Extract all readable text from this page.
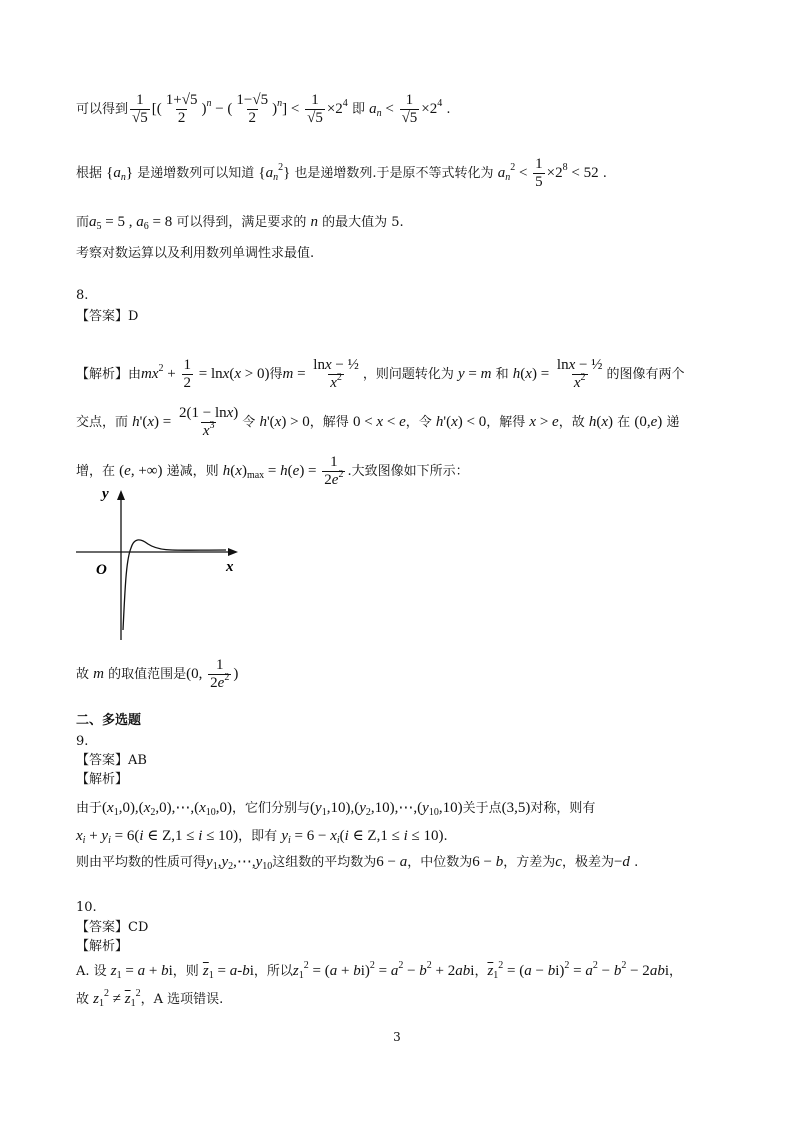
可以得到 $\frac{1}{√5}$ [( $\frac{1+√5}{2} )^n$ − ( $\frac{1-√5}{2} )^n] < \frac{1}{√5} \times 2^4$ 即 $a_n < \frac{1}{√5} \times 2^4$ .
根据 $\{a_n\}$ 是递增数列可以知道 $\{a_n^2\}$ 也是递增数列.于是原不等式转化为 $a_n^2 < \frac{1}{5} \times 2^8 < 52$ .
而$a_5 = 5$ , $a_6 = 8$ 可以得到，满足要求的 n 的最大值为 5.
考察对数运算以及利用数列单调性求最值.
8.
【答案】D
【解析】由$mx^2 + \frac{1}{2} = \ln x(x > 0)$得$m = \frac{\text{lnx − ½}}{x^2}$ ，则问题转化为 y = m 和 $h(x) = \frac{\text{lnx − ½}}{x^2}$ 的图像有两个
交点，而 $h'(x) = \frac{2(1 - \ln x)}{x^3}$ 令 h'(x) > 0，解得 0 < x < e，令 h'(x) < 0，解得 x > e，故 h(x) 在 (0,e) 递
增，在 (e, +∞) 递减，则 $h(x)_{max} = h(e) = \frac{1}{2e^2}$ .大致图像如下所示：
y
x
O
故 m 的取值范围是(0, $\frac{1}{2e^2}$ )
二、多选题
9.
【答案】AB
【解析】
由于$(x_1,0),(x_2,0),\cdots,(x_{10},0)$，它们分别与$(y_1,10),(y_2,10),\cdots,(y_{10},10)$关于点(3,5)对称，则有
$x_i + y_i = 6(i$ ∈ Z,1 ≤ i ≤ 10)，即有 $y_i = 6 - x_i(i$ ∈ Z,1 ≤ i ≤ 10).
则由平均数的性质可得$y_1,y_2,\cdots,y_{10}$这组数的平均数为6 − a，中位数为6 − b，方差为c，极差为−d .
10.
【答案】CD
【解析】
A. 设 $z_1 = a$ + bi，则 $\overline{z}_1 = a-bi$，所以$z_1^2 = (a + bi)^2 = a^2 - b^2 + 2abi$，$\overline{z}_1^2 = (a - bi)^2 = a^2 - b^2 - 2abi$，
故 $z_1^2 \ne \overline{z}_1^2$，A 选项错误.
3
